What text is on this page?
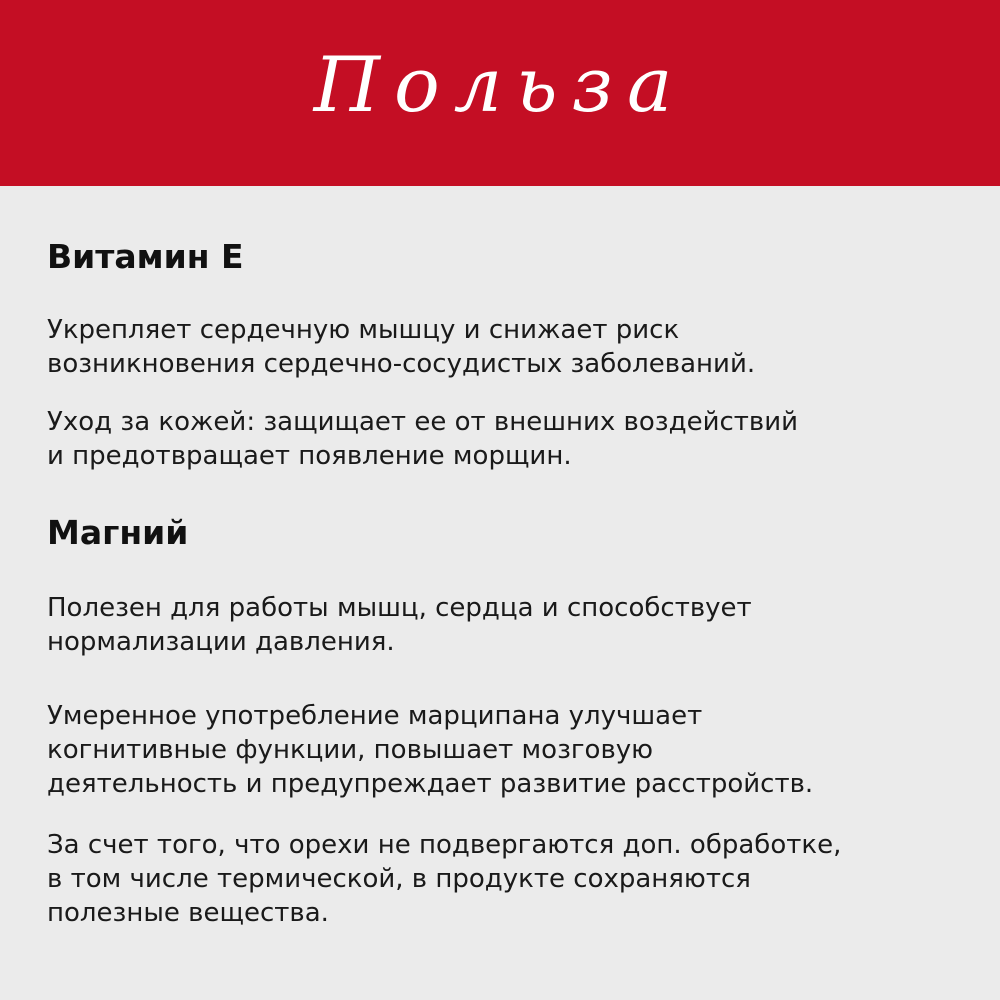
Польза
Витамин Е
Укрепляет сердечную мышцу и снижает риск
возникновения сердечно-сосудистых заболеваний.
Уход за кожей: защищает ее от внешних воздействий
и предотвращает появление морщин.
Магний
Полезен для работы мышц, сердца и способствует
нормализации давления.
Умеренное употребление марципана улучшает
когнитивные функции, повышает мозговую
деятельность и предупреждает развитие расстройств.
За счет того, что орехи не подвергаются доп. обработке,
в том числе термической, в продукте сохраняются
полезные вещества.
